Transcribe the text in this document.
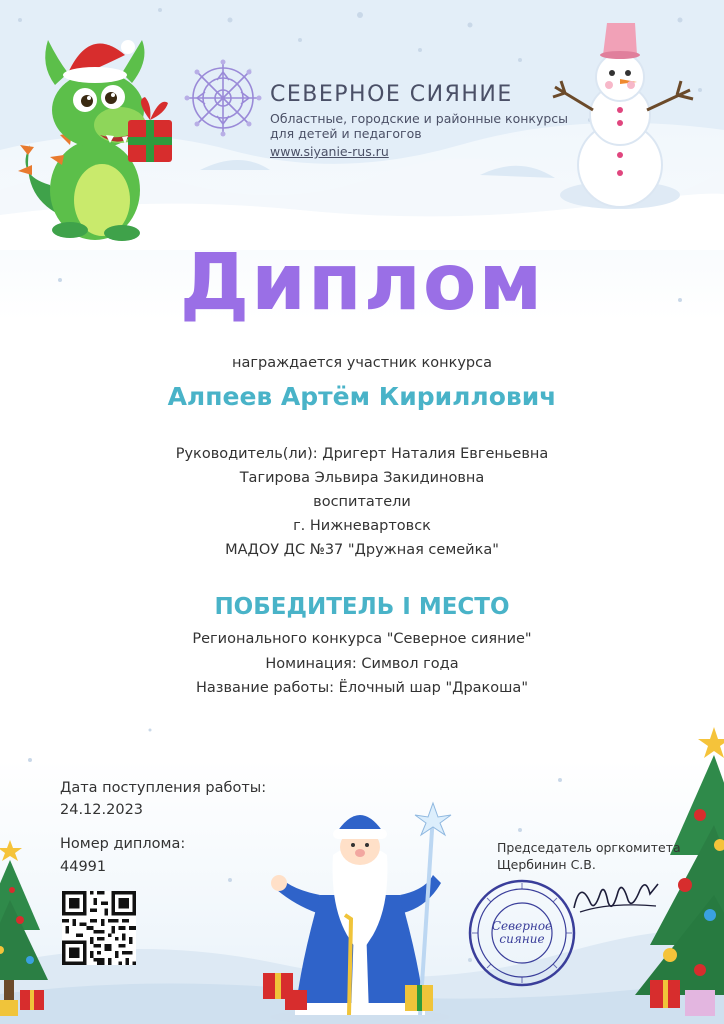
СЕВЕРНОЕ СИЯНИЕ
Областные, городские и районные конкурсы
для детей и педагогов
www.siyanie-rus.ru
Диплом
награждается участник конкурса
Алпеев Артём Кириллович
Руководитель(ли): Дригерт Наталия Евгеньевна
Тагирова Эльвира Закидиновна
воспитатели
г. Нижневартовск
МАДОУ ДС №37 "Дружная семейка"
ПОБЕДИТЕЛЬ I МЕСТО
Регионального конкурса "Северное сияние"
Номинация: Символ года
Название работы: Ёлочный шар "Дракоша"
Дата поступления работы:
24.12.2023
Номер диплома:
44991
Председатель оргкомитета
Щербинин С.В.
Северное
сияние
